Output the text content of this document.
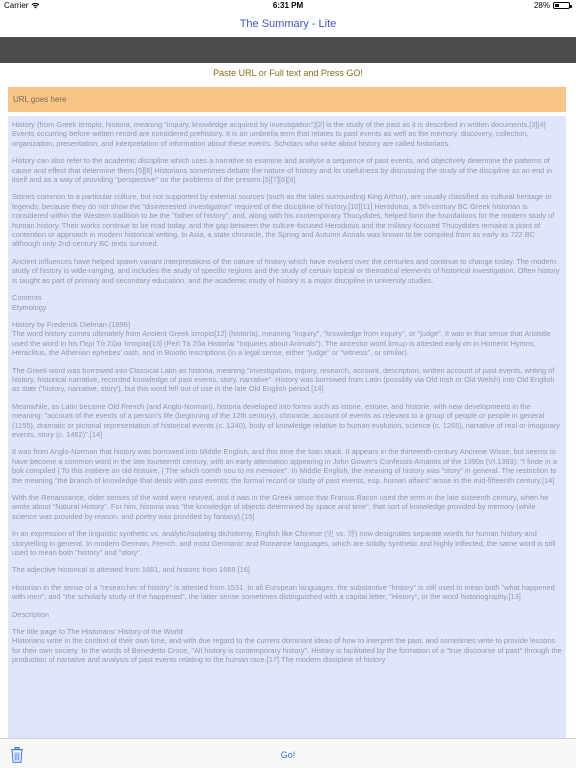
Carrier	6:31 PM	28%
The Summary - Lite
Paste URL or Full text and Press GO!
URL goes here

History (from Greek ἱστορία, historia, meaning "inquiry, knowledge acquired by investigation")[2] is the study of the past as it is described in written documents.[3][4] Events occurring before written record are considered prehistory. It is an umbrella term that relates to past events as well as the memory, discovery, collection, organization, presentation, and interpretation of information about these events. Scholars who write about history are called historians.

History can also refer to the academic discipline which uses a narrative to examine and analyse a sequence of past events, and objectively determine the patterns of cause and effect that determine them.[5][6] Historians sometimes debate the nature of history and its usefulness by discussing the study of the discipline as an end in itself and as a way of providing "perspective" on the problems of the present.[5][7][8][9]

Stories common to a particular culture, but not supported by external sources (such as the tales surrounding King Arthur), are usually classified as cultural heritage or legends, because they do not show the "disinterested investigation" required of the discipline of history.[10][11] Herodotus, a 5th-century BC Greek historian is considered within the Western tradition to be the "father of history", and, along with his contemporary Thucydides, helped form the foundations for the modern study of human history. Their works continue to be read today, and the gap between the culture-focused Herodotus and the military-focused Thucydides remains a point of contention or approach in modern historical writing. In Asia, a state chronicle, the Spring and Autumn Annals was known to be compiled from as early as 722 BC although only 2nd-century BC texts survived.

Ancient influences have helped spawn variant interpretations of the nature of history which have evolved over the centuries and continue to change today. The modern study of history is wide-ranging, and includes the study of specific regions and the study of certain topical or thematical elements of historical investigation. Often history is taught as part of primary and secondary education, and the academic study of history is a major discipline in university studies.

Contents
Etymology

History by Frederick Dielman (1896)
The word history comes ultimately from Ancient Greek ἱστορία[12] (historía), meaning "inquiry", "knowledge from inquiry", or "judge". It was in that sense that Aristotle used the word in his Περί Τὰ Ζῷα Ἱστορίαι[13] (Perì Tà Zôa Historíai "Inquiries about Animals"). The ancestor word ἵστωρ is attested early on in Homeric Hymns, Heraclitus, the Athenian ephebes' oath, and in Boiotic inscriptions (in a legal sense, either "judge" or "witness", or similar).

The Greek word was borrowed into Classical Latin as historia, meaning "investigation, inquiry, research, account, description, written account of past events, writing of history, historical narrative, recorded knowledge of past events, story, narrative". History was borrowed from Latin (possibly via Old Irish or Old Welsh) into Old English as stær ('history, narrative, story'), but this word fell out of use in the late Old English period.[14]

Meanwhile, as Latin became Old French (and Anglo-Norman), historia developed into forms such as istorie, estoire, and historie, with new developments in the meaning: "account of the events of a person's life (beginning of the 12th century), chronicle, account of events as relevant to a group of people or people in general (1155), dramatic or pictorial representation of historical events (c. 1240), body of knowledge relative to human evolution, science (c. 1265), narrative of real or imaginary events, story (c. 1462)".[14]

It was from Anglo-Norman that history was borrowed into Middle English, and this time the loan stuck. It appears in the thirteenth-century Ancrene Wisse, but seems to have become a common word in the late fourteenth century, with an early attestation appearing in John Gower's Confessio Amantis of the 1390s (VI.1383): "I finde in a bok compiled | To this matiere an old histoire, | The which comth nou to mi memoire". In Middle English, the meaning of history was "story" in general. The restriction to the meaning "the branch of knowledge that deals with past events; the formal record or study of past events, esp. human affairs" arose in the mid-fifteenth century.[14]

With the Renaissance, older senses of the word were revived, and it was in the Greek sense that Francis Bacon used the term in the late sixteenth century, when he wrote about "Natural History". For him, historia was "the knowledge of objects determined by space and time", that sort of knowledge provided by memory (while science was provided by reason, and poetry was provided by fantasy).[15]

In an expression of the linguistic synthetic vs. analytic/isolating dichotomy, English like Chinese (史 vs. 诗) now designates separate words for human history and storytelling in general. In modern German, French, and most Germanic and Romance languages, which are solidly synthetic and highly inflected, the same word is still used to mean both "history" and "story".

The adjective historical is attested from 1661, and historic from 1669.[16]

Historian in the sense of a "researcher of history" is attested from 1531. In all European languages, the substantive "history" is still used to mean both "what happened with men", and "the scholarly study of the happened", the latter sense sometimes distinguished with a capital letter, "History", or the word historiography.[13]

Description

The title page to The Historians' History of the World
Historians write in the context of their own time, and with due regard to the current dominant ideas of how to interpret the past, and sometimes write to provide lessons for their own society. In the words of Benedetto Croce, "All history is contemporary history". History is facilitated by the formation of a "true discourse of past" through the production of narrative and analysis of past events relating to the human race.[17] The modern discipline of history

Go!
